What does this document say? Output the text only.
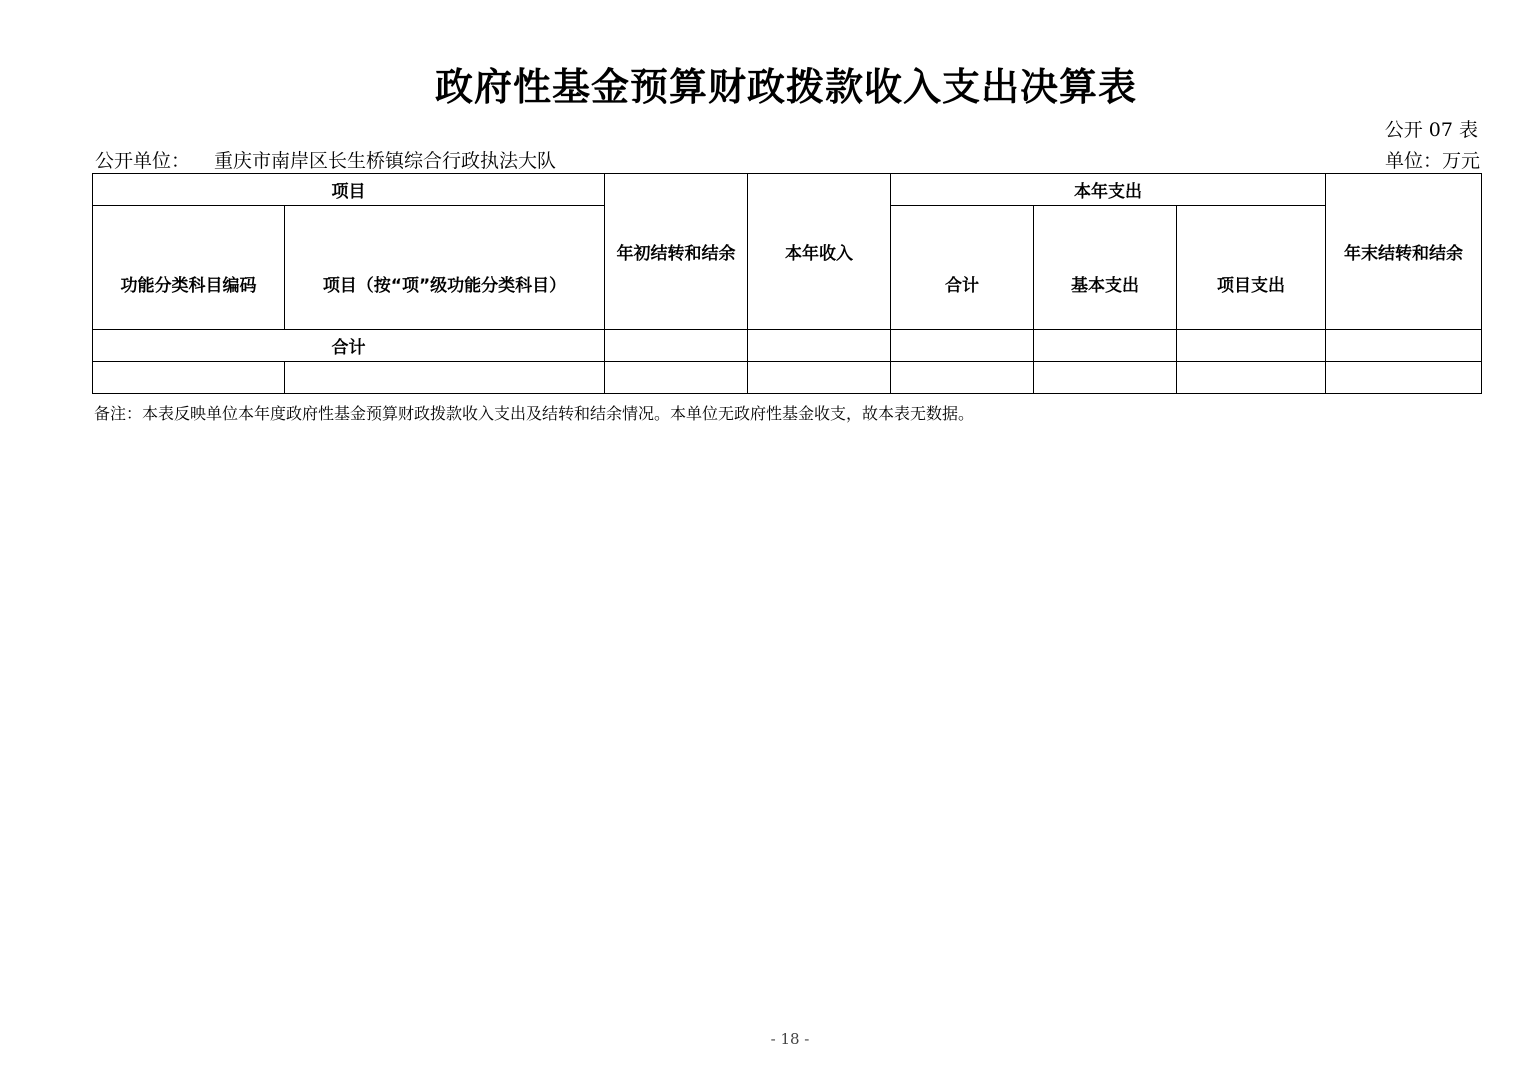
政府性基金预算财政拨款收入支出决算表
公开 07 表
公开单位： 重庆市南岸区长生桥镇综合行政执法大队	单位：万元
项目		年初结转和结余	本年收入	本年支出			年末结转和结余
功能分类科目编码	项目（按“项”级功能分类科目）			合计	基本支出	项目支出	
合计							

备注：本表反映单位本年度政府性基金预算财政拨款收入支出及结转和结余情况。本单位无政府性基金收支，故本表无数据。
- 18 -
